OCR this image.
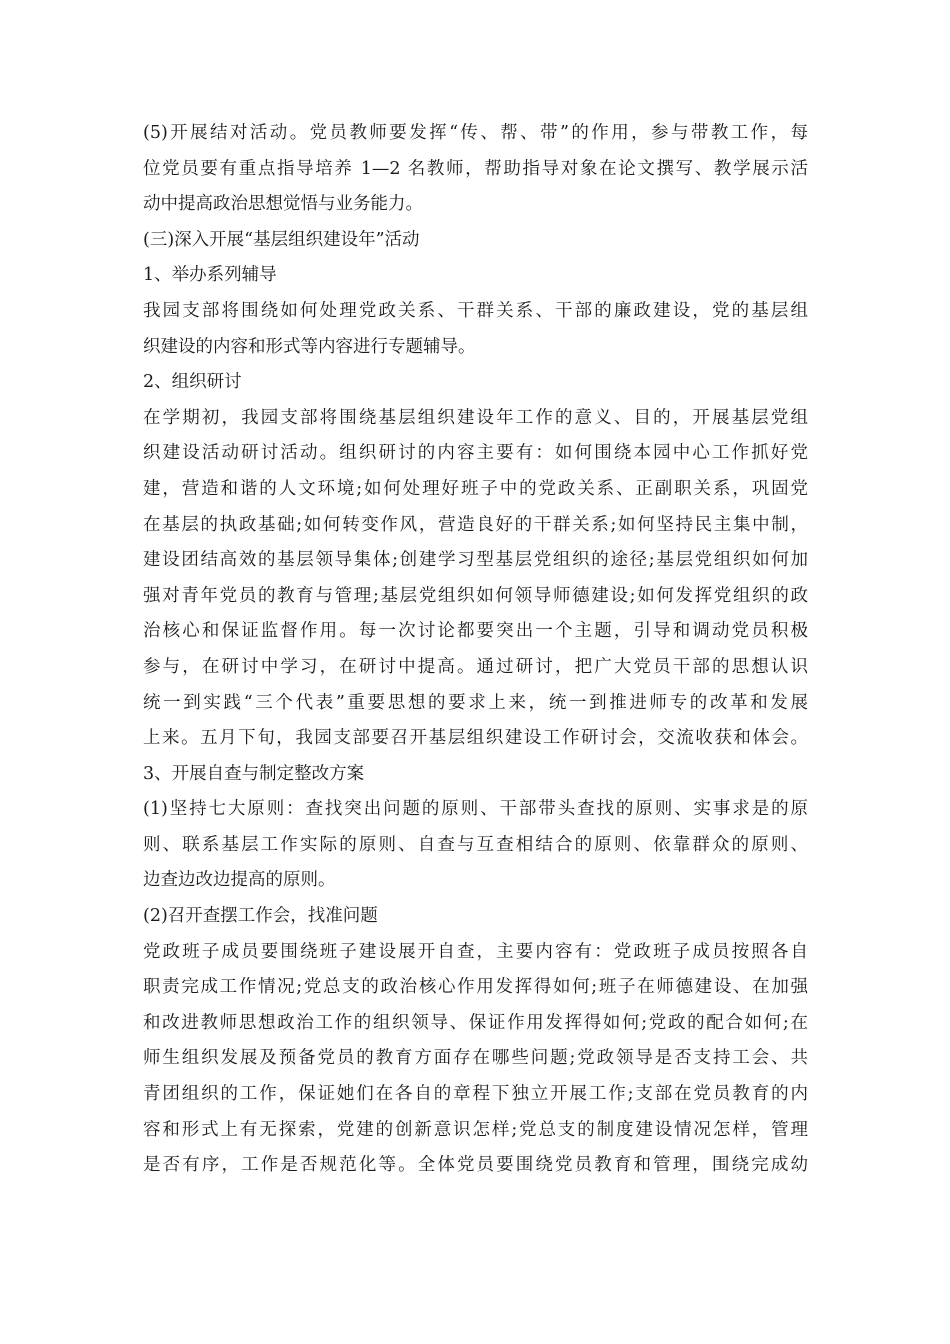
(5)开展结对活动。党员教师要发挥“传、帮、带”的作用，参与带教工作，每
位党员要有重点指导培养 1—2 名教师，帮助指导对象在论文撰写、教学展示活
动中提高政治思想觉悟与业务能力。
(三)深入开展“基层组织建设年”活动
1、举办系列辅导
我园支部将围绕如何处理党政关系、干群关系、干部的廉政建设，党的基层组
织建设的内容和形式等内容进行专题辅导。
2、组织研讨
在学期初，我园支部将围绕基层组织建设年工作的意义、目的，开展基层党组
织建设活动研讨活动。组织研讨的内容主要有：如何围绕本园中心工作抓好党
建，营造和谐的人文环境;如何处理好班子中的党政关系、正副职关系，巩固党
在基层的执政基础;如何转变作风，营造良好的干群关系;如何坚持民主集中制，
建设团结高效的基层领导集体;创建学习型基层党组织的途径;基层党组织如何加
强对青年党员的教育与管理;基层党组织如何领导师德建设;如何发挥党组织的政
治核心和保证监督作用。每一次讨论都要突出一个主题，引导和调动党员积极
参与，在研讨中学习，在研讨中提高。通过研讨，把广大党员干部的思想认识
统一到实践“三个代表”重要思想的要求上来，统一到推进师专的改革和发展
上来。五月下旬，我园支部要召开基层组织建设工作研讨会，交流收获和体会。
3、开展自查与制定整改方案
(1)坚持七大原则：查找突出问题的原则、干部带头查找的原则、实事求是的原
则、联系基层工作实际的原则、自查与互查相结合的原则、依靠群众的原则、
边查边改边提高的原则。
(2)召开查摆工作会，找准问题
党政班子成员要围绕班子建设展开自查，主要内容有：党政班子成员按照各自
职责完成工作情况;党总支的政治核心作用发挥得如何;班子在师德建设、在加强
和改进教师思想政治工作的组织领导、保证作用发挥得如何;党政的配合如何;在
师生组织发展及预备党员的教育方面存在哪些问题;党政领导是否支持工会、共
青团组织的工作，保证她们在各自的章程下独立开展工作;支部在党员教育的内
容和形式上有无探索，党建的创新意识怎样;党总支的制度建设情况怎样，管理
是否有序，工作是否规范化等。全体党员要围绕党员教育和管理，围绕完成幼
